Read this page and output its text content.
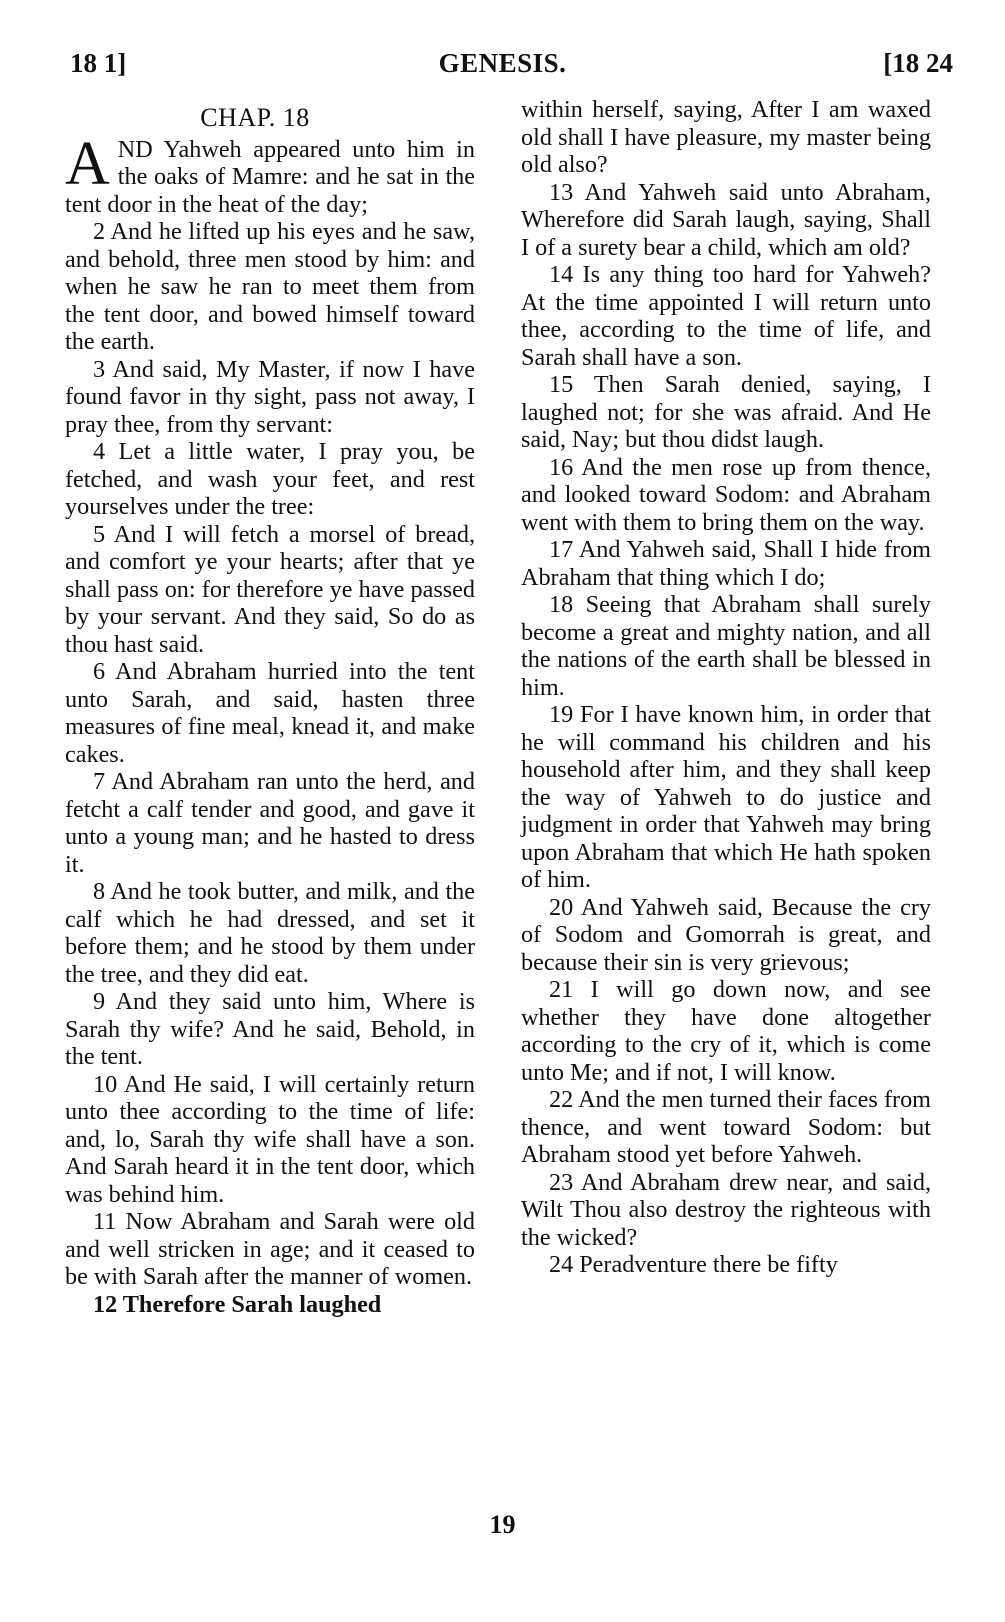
18 1]	GENESIS.	[18 24
CHAP. 18

AND Yahweh appeared unto him in the oaks of Mamre: and he sat in the tent door in the heat of the day;

2 And he lifted up his eyes and he saw, and behold, three men stood by him: and when he saw he ran to meet them from the tent door, and bowed himself toward the earth.

3 And said, My Master, if now I have found favor in thy sight, pass not away, I pray thee, from thy servant:

4 Let a little water, I pray you, be fetched, and wash your feet, and rest yourselves under the tree:

5 And I will fetch a morsel of bread, and comfort ye your hearts; after that ye shall pass on: for therefore ye have passed by your servant. And they said, So do as thou hast said.

6 And Abraham hurried into the tent unto Sarah, and said, hasten three measures of fine meal, knead it, and make cakes.

7 And Abraham ran unto the herd, and fetcht a calf tender and good, and gave it unto a young man; and he hasted to dress it.

8 And he took butter, and milk, and the calf which he had dressed, and set it before them; and he stood by them under the tree, and they did eat.

9 And they said unto him, Where is Sarah thy wife? And he said, Behold, in the tent.

10 And He said, I will certainly return unto thee according to the time of life: and, lo, Sarah thy wife shall have a son. And Sarah heard it in the tent door, which was behind him.

11 Now Abraham and Sarah were old and well stricken in age; and it ceased to be with Sarah after the manner of women.

12 Therefore Sarah laughed

within herself, saying, After I am waxed old shall I have pleasure, my master being old also?

13 And Yahweh said unto Abraham, Wherefore did Sarah laugh, saying, Shall I of a surety bear a child, which am old?

14 Is any thing too hard for Yahweh? At the time appointed I will return unto thee, according to the time of life, and Sarah shall have a son.

15 Then Sarah denied, saying, I laughed not; for she was afraid. And He said, Nay; but thou didst laugh.

16 And the men rose up from thence, and looked toward Sodom: and Abraham went with them to bring them on the way.

17 And Yahweh said, Shall I hide from Abraham that thing which I do;

18 Seeing that Abraham shall surely become a great and mighty nation, and all the nations of the earth shall be blessed in him.

19 For I have known him, in order that he will command his children and his household after him, and they shall keep the way of Yahweh to do justice and judgment in order that Yahweh may bring upon Abraham that which He hath spoken of him.

20 And Yahweh said, Because the cry of Sodom and Gomorrah is great, and because their sin is very grievous;

21 I will go down now, and see whether they have done altogether according to the cry of it, which is come unto Me; and if not, I will know.

22 And the men turned their faces from thence, and went toward Sodom: but Abraham stood yet before Yahweh.

23 And Abraham drew near, and said, Wilt Thou also destroy the righteous with the wicked?

24 Peradventure there be fifty

19
